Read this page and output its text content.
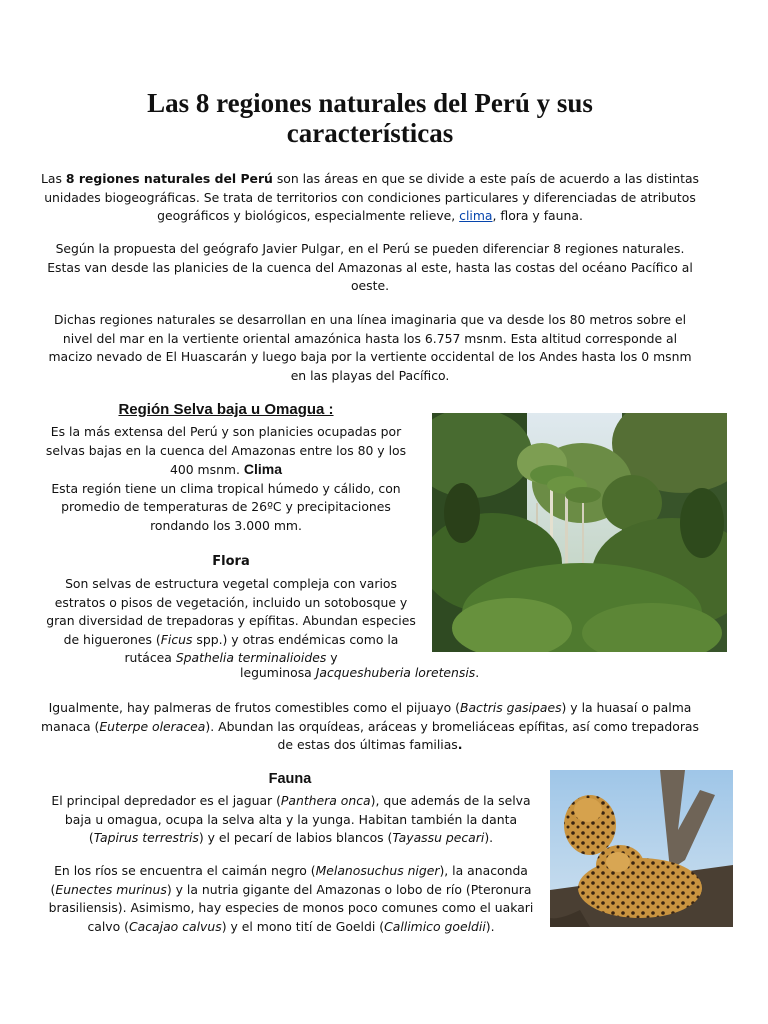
Las 8 regiones naturales del Perú y sus características

Las 8 regiones naturales del Perú son las áreas en que se divide a este país de acuerdo a las distintas unidades biogeográficas. Se trata de territorios con condiciones particulares y diferenciadas de atributos geográficos y biológicos, especialmente relieve, clima, flora y fauna.

Según la propuesta del geógrafo Javier Pulgar, en el Perú se pueden diferenciar 8 regiones naturales. Estas van desde las planicies de la cuenca del Amazonas al este, hasta las costas del océano Pacífico al oeste.

Dichas regiones naturales se desarrollan en una línea imaginaria que va desde los 80 metros sobre el nivel del mar en la vertiente oriental amazónica hasta los 6.757 msnm. Esta altitud corresponde al macizo nevado de El Huascarán y luego baja por la vertiente occidental de los Andes hasta los 0 msnm en las playas del Pacífico.

Región Selva baja u Omagua :

Es la más extensa del Perú y son planicies ocupadas por selvas bajas en la cuenca del Amazonas entre los 80 y los 400 msnm. Clima
Esta región tiene un clima tropical húmedo y cálido, con promedio de temperaturas de 26ºC y precipitaciones rondando los 3.000 mm.

Flora

Son selvas de estructura vegetal compleja con varios estratos o pisos de vegetación, incluido un sotobosque y gran diversidad de trepadoras y epífitas. Abundan especies de higuerones (Ficus spp.) y otras endémicas como la rutácea Spathelia terminalioides y

leguminosa Jacqueshuberia loretensis.

Igualmente, hay palmeras de frutos comestibles como el pijuayo (Bactris gasipaes) y la huasaí o palma manaca (Euterpe oleracea). Abundan las orquídeas, aráceas y bromeliáceas epífitas, así como trepadoras de estas dos últimas familias.

Fauna

El principal depredador es el jaguar (Panthera onca), que además de la selva baja u omagua, ocupa la selva alta y la yunga. Habitan también la danta (Tapirus terrestris) y el pecarí de labios blancos (Tayassu pecari).

En los ríos se encuentra el caimán negro (Melanosuchus niger), la anaconda (Eunectes murinus) y la nutria gigante del Amazonas o lobo de río (Pteronura brasiliensis). Asimismo, hay especies de monos poco comunes como el uakari calvo (Cacajao calvus) y el mono tití de Goeldi (Callimico goeldii).
